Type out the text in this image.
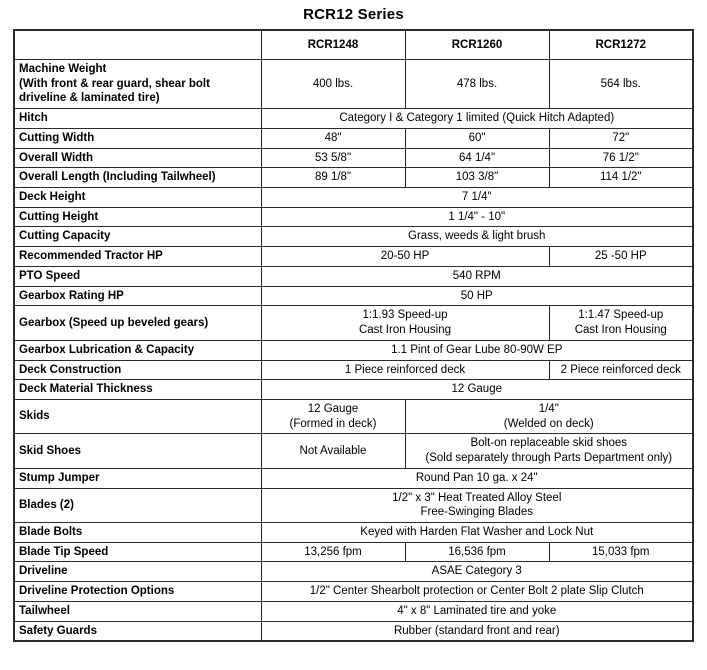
RCR12 Series
	RCR1248	RCR1260	RCR1272
Machine Weight
(With front & rear guard, shear bolt driveline & laminated tire)	400 lbs.	478 lbs.	564 lbs.
Hitch	Category I & Category 1 limited (Quick Hitch Adapted)		
Cutting Width	48"	60"	72"
Overall Width	53 5/8"	64 1/4"	76 1/2"
Overall Length (Including Tailwheel)	89 1/8"	103 3/8"	114 1/2"
Deck Height	7 1/4"		
Cutting Height	1 1/4" - 10"		
Cutting Capacity	Grass, weeds & light brush		
Recommended Tractor HP	20-50 HP		25 -50 HP
PTO Speed	540 RPM		
Gearbox Rating HP	50 HP		
Gearbox (Speed up beveled gears)	1:1.93 Speed-up
Cast Iron Housing		1:1.47 Speed-up
Cast Iron Housing
Gearbox Lubrication & Capacity	1.1 Pint of Gear Lube 80-90W EP		
Deck Construction	1 Piece reinforced deck		2 Piece reinforced deck
Deck Material Thickness	12 Gauge		
Skids	12 Gauge
(Formed in deck)	1/4"
(Welded on deck)	
Skid Shoes	Not Available	Bolt-on replaceable skid shoes
(Sold separately through Parts Department only)	
Stump Jumper	Round Pan 10 ga. x 24"		
Blades (2)	1/2" x 3" Heat Treated Alloy Steel
Free-Swinging Blades		
Blade Bolts	Keyed with Harden Flat Washer and Lock Nut		
Blade Tip Speed	13,256 fpm	16,536 fpm	15,033 fpm
Driveline	ASAE Category 3		
Driveline Protection Options	1/2" Center Shearbolt protection or Center Bolt 2 plate Slip Clutch		
Tailwheel	4" x 8" Laminated tire and yoke		
Safety Guards	Rubber (standard front and rear)		
